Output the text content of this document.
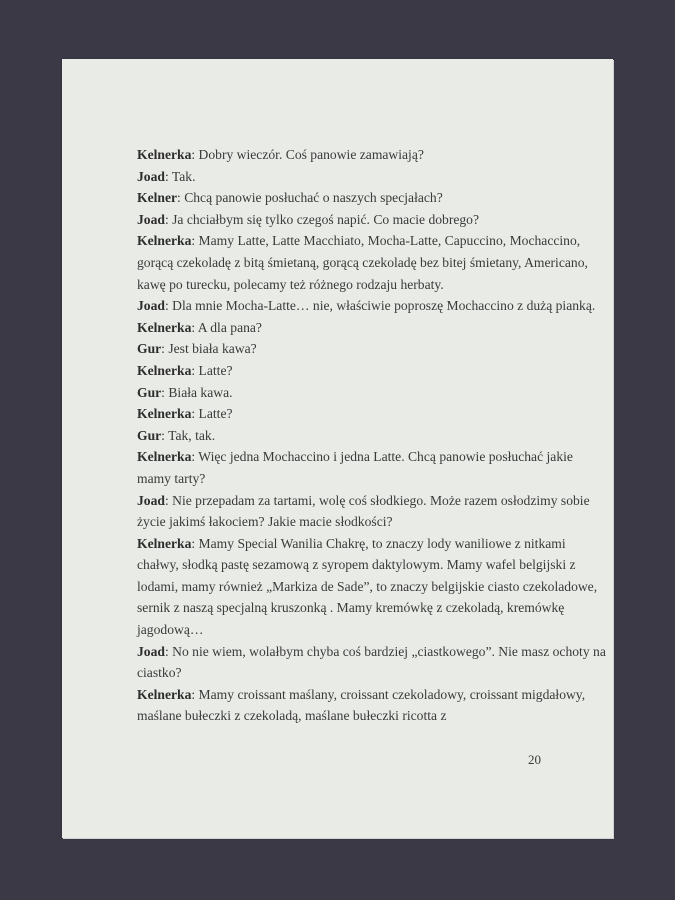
Kelnerka: Dobry wieczór. Coś panowie zamawiają?

Joad: Tak.

Kelner: Chcą panowie posłuchać o naszych specjałach?

Joad: Ja chciałbym się tylko czegoś napić. Co macie dobrego?

Kelnerka: Mamy Latte, Latte Macchiato, Mocha-Latte, Capuccino, Mochaccino, gorącą czekoladę z bitą śmietaną, gorącą czekoladę bez bitej śmietany, Americano, kawę po turecku, polecamy też różnego rodzaju herbaty.

Joad: Dla mnie Mocha-Latte… nie, właściwie poproszę Mochaccino z dużą pianką.

Kelnerka: A dla pana?

Gur: Jest biała kawa?

Kelnerka: Latte?

Gur: Biała kawa.

Kelnerka: Latte?

Gur: Tak, tak.

Kelnerka: Więc jedna Mochaccino i jedna Latte. Chcą panowie posłuchać jakie mamy tarty?

Joad: Nie przepadam za tartami, wolę coś słodkiego. Może razem osłodzimy sobie życie jakimś łakociem? Jakie macie słodkości?

Kelnerka: Mamy Special Wanilia Chakrę, to znaczy lody waniliowe z nitkami chałwy, słodką pastę sezamową z syropem daktylowym. Mamy wafel belgijski z lodami, mamy również „Markiza de Sade”, to znaczy belgijskie ciasto czekoladowe, sernik z naszą specjalną kruszonką . Mamy kremówkę z czekoladą, kremówkę jagodową…

Joad: No nie wiem, wolałbym chyba coś bardziej „ciastkowego”. Nie masz ochoty na ciastko?

Kelnerka: Mamy croissant maślany, croissant czekoladowy, croissant migdałowy, maślane bułeczki z czekoladą, maślane bułeczki ricotta z

20
